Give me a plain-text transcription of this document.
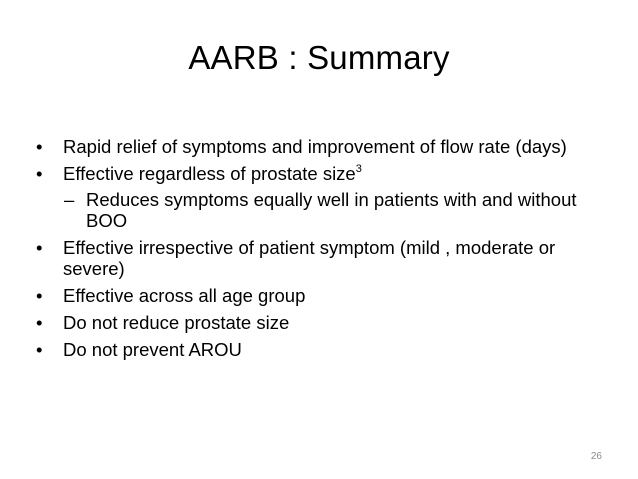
AARB : Summary
•	Rapid relief of symptoms and improvement of flow rate (days)
•	Effective regardless of prostate size$^3$
– Reduces symptoms equally well in patients with and without BOO
•	Effective irrespective of patient symptom (mild , moderate or severe)
•	Effective across all age group
•	Do not reduce prostate size
•	Do not prevent AROU
26
